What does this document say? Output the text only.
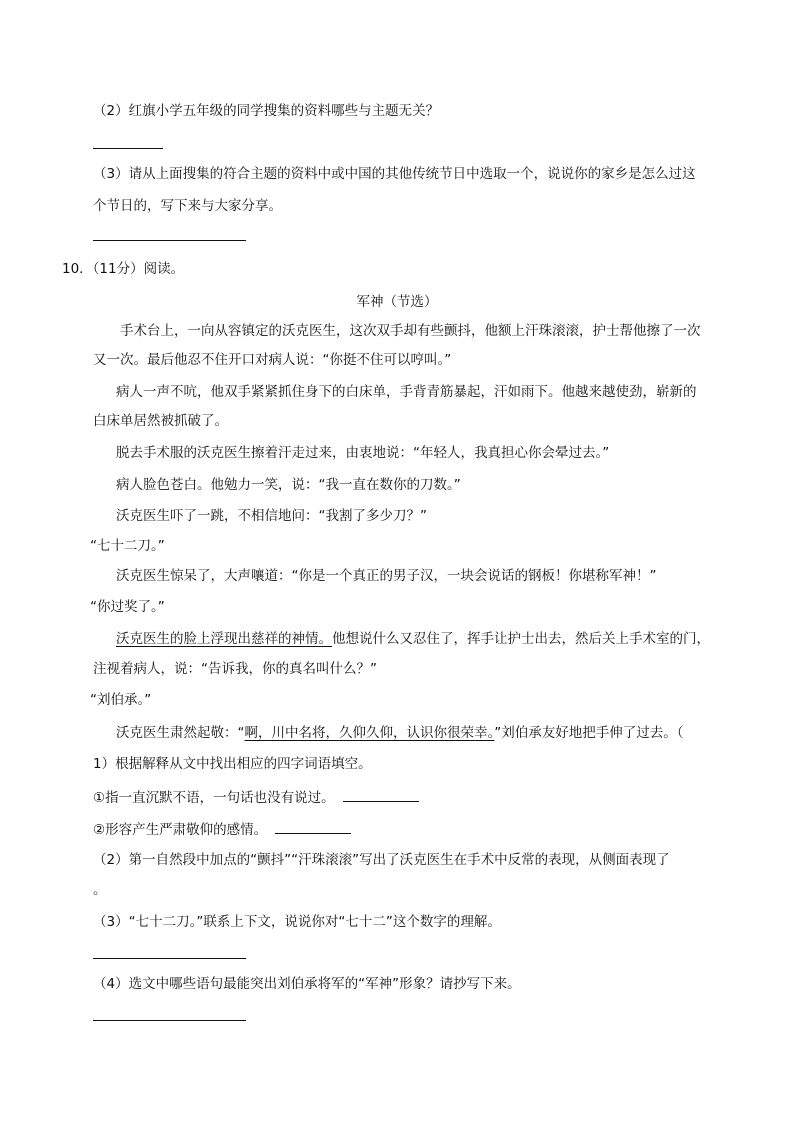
（2）红旗小学五年级的同学搜集的资料哪些与主题无关？
（3）请从上面搜集的符合主题的资料中或中国的其他传统节日中选取一个，说说你的家乡是怎么过这
个节日的，写下来与大家分享。
10．（11分）阅读。
军神（节选）
手术台上，一向从容镇定的沃克医生，这次双手却有些颤抖，他额上汗珠滚滚，护士帮他擦了一次
又一次。最后他忍不住开口对病人说：“你挺不住可以哼叫。”
病人一声不吭，他双手紧紧抓住身下的白床单，手背青筋暴起，汗如雨下。他越来越使劲，崭新的
白床单居然被抓破了。
脱去手术服的沃克医生擦着汗走过来，由衷地说：“年轻人，我真担心你会晕过去。”
病人脸色苍白。他勉力一笑，说：“我一直在数你的刀数。”
沃克医生吓了一跳，不相信地问：“我割了多少刀？”
“七十二刀。”
沃克医生惊呆了，大声嚷道：“你是一个真正的男子汉，一块会说话的钢板！你堪称军神！”
“你过奖了。”
沃克医生的脸上浮现出慈祥的神情。他想说什么又忍住了，挥手让护士出去，然后关上手术室的门，
注视着病人，说：“告诉我，你的真名叫什么？”
“刘伯承。”
沃克医生肃然起敬：“啊，川中名将，久仰久仰，认识你很荣幸。”刘伯承友好地把手伸了过去。（
1）根据解释从文中找出相应的四字词语填空。
①指一直沉默不语，一句话也没有说过。
②形容产生严肃敬仰的感情。
（2）第一自然段中加点的“颤抖”“汗珠滚滚”写出了沃克医生在手术中反常的表现，从侧面表现了
。
（3）“七十二刀。”联系上下文，说说你对“七十二”这个数字的理解。
（4）选文中哪些语句最能突出刘伯承将军的“军神”形象？请抄写下来。
